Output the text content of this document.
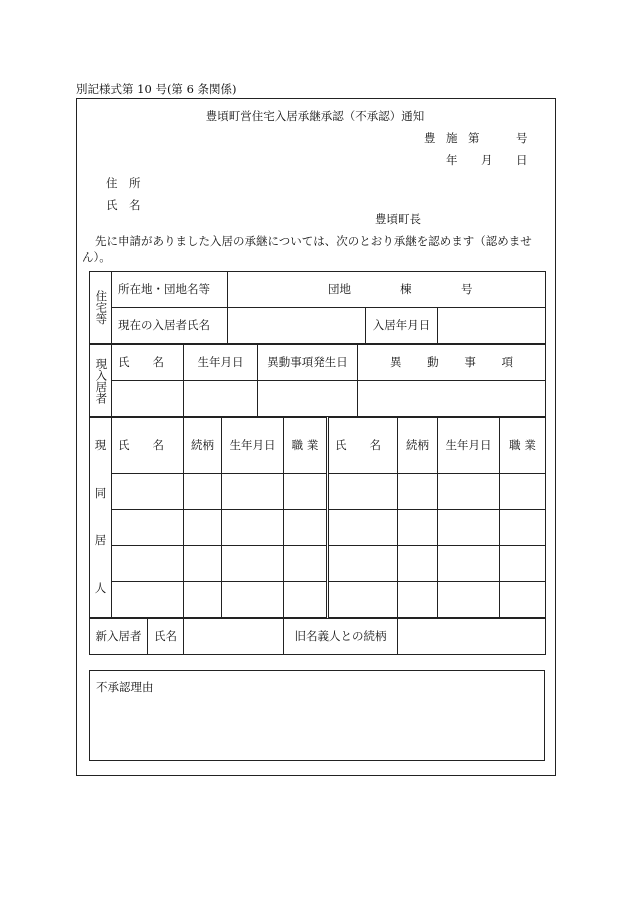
別記様式第 10 号(第 6 条関係)
豊頃町営住宅入居承継承認（不承認）通知
豊 施 第	号
年 月 日
住　所
氏　名
豊頃町長
先に申請がありました入居の承継については、次のとおり承継を認めます（認めませ
ん）。
住宅等	所在地・団地名等	団地 棟 号		

	現在の入居者氏名		入居年月日	
現入居者	氏　　名	生年月日	異動事項発生日	異 動 事 項

現
同
居
人	氏　　名	続柄	生年月日	職 業	氏　　名	続柄	生年月日	職 業

新入居者	氏名		旧名義人との続柄	
不承認理由
